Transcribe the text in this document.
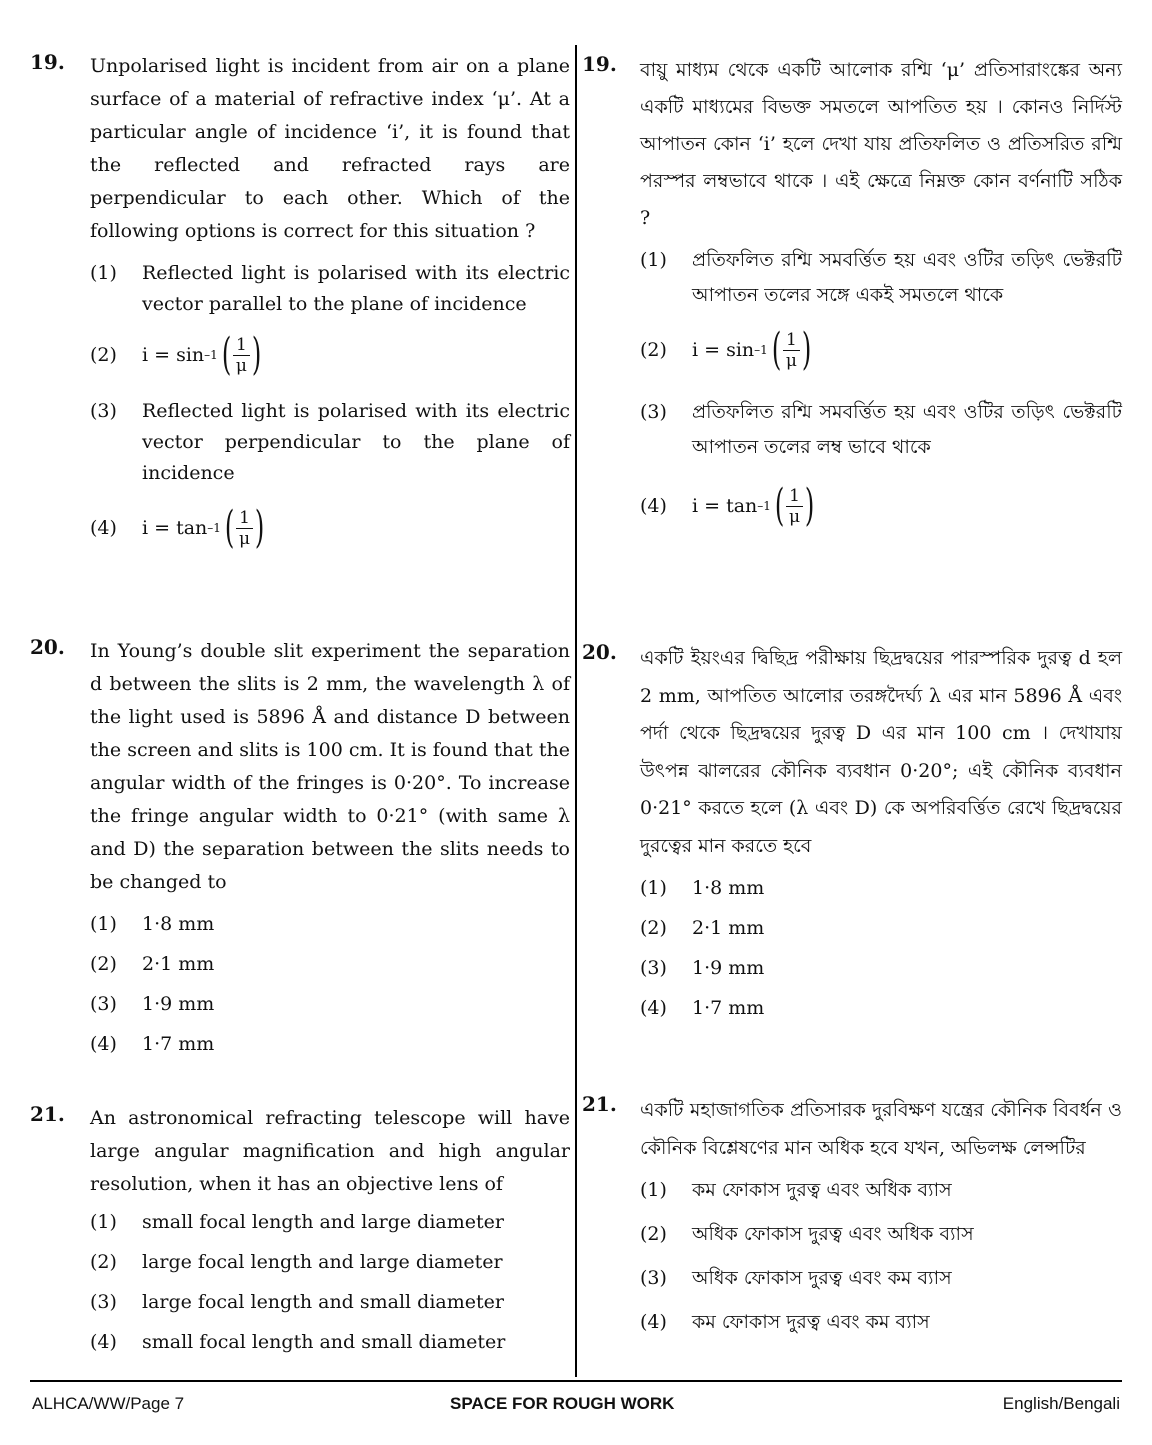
19. Unpolarised light is incident from air on a plane surface of a material of refractive index ‘μ’. At a particular angle of incidence ‘i’, it is found that the reflected and refracted rays are perpendicular to each other. Which of the following options is correct for this situation ?
(1) Reflected light is polarised with its electric vector parallel to the plane of incidence
(2) i = sin –1 ( $\frac{1}{\mu}$ )
(3) Reflected light is polarised with its electric vector perpendicular to the plane of incidence
(4) i = tan –1 ( $\frac{1}{\mu}$ )
20. In Young’s double slit experiment the separation d between the slits is 2 mm, the wavelength λ of the light used is 5896 Å and distance D between the screen and slits is 100 cm. It is found that the angular width of the fringes is 0·20°. To increase the fringe angular width to 0·21° (with same λ and D) the separation between the slits needs to be changed to
(1) 1·8 mm
(2) 2·1 mm
(3) 1·9 mm
(4) 1·7 mm
21. An astronomical refracting telescope will have large angular magnification and high angular resolution, when it has an objective lens of
(1) small focal length and large diameter
(2) large focal length and large diameter
(3) large focal length and small diameter
(4) small focal length and small diameter
19. বায়ু মাধ্যম থেকে একটি আলোক রশ্মি ‘μ’ প্রতিসারাংঙ্কের অন্য একটি মাধ্যমের বিভক্ত সমতলে আপতিত হয় । কোনও নির্দিস্ট আপাতন কোন ‘i’ হলে দেখা যায় প্রতিফলিত ও প্রতিসরিত রশ্মি পরস্পর লম্বভাবে থাকে । এই ক্ষেত্রে নিম্নক্ত কোন বর্ণনাটি সঠিক ?
(1) প্রতিফলিত রশ্মি সমবর্ত্তিত হয় এবং ওটির তড়িৎ ভেক্টরটি আপাতন তলের সঙ্গে একই সমতলে থাকে
(2) i = sin –1 ( $\frac{1}{\mu}$ )
(3) প্রতিফলিত রশ্মি সমবর্ত্তিত হয় এবং ওটির তড়িৎ ভেক্টরটি আপাতন তলের লম্ব ভাবে থাকে
(4) i = tan –1 ( $\frac{1}{\mu}$ )
20. একটি ইয়ংএর দ্বিছিদ্র পরীক্ষায় ছিদ্রদ্বয়ের পারস্পরিক দুরত্ব d হল 2 mm, আপতিত আলোর তরঙ্গদৈর্ঘ্য λ এর মান 5896 Å এবং পর্দা থেকে ছিদ্রদ্বয়ের দুরত্ব D এর মান 100 cm । দেখাযায় উৎপন্ন ঝালরের কৌনিক ব্যবধান 0·20°; এই কৌনিক ব্যবধান 0·21° করতে হলে (λ এবং D) কে অপরিবর্ত্তিত রেখে ছিদ্রদ্বয়ের দুরত্বের মান করতে হবে
(1) 1·8 mm
(2) 2·1 mm
(3) 1·9 mm
(4) 1·7 mm
21. একটি মহাজাগতিক প্রতিসারক দুরবিক্ষণ যন্ত্রের কৌনিক বিবর্ধন ও কৌনিক বিশ্লেষণের মান অধিক হবে যখন, অভিলক্ষ লেন্সটির
(1) কম ফোকাস দুরত্ব এবং অধিক ব্যাস
(2) অধিক ফোকাস দুরত্ব এবং অধিক ব্যাস
(3) অধিক ফোকাস দুরত্ব এবং কম ব্যাস
(4) কম ফোকাস দুরত্ব এবং কম ব্যাস
ALHCA/WW/Page 7	SPACE FOR ROUGH WORK	English/Bengali
